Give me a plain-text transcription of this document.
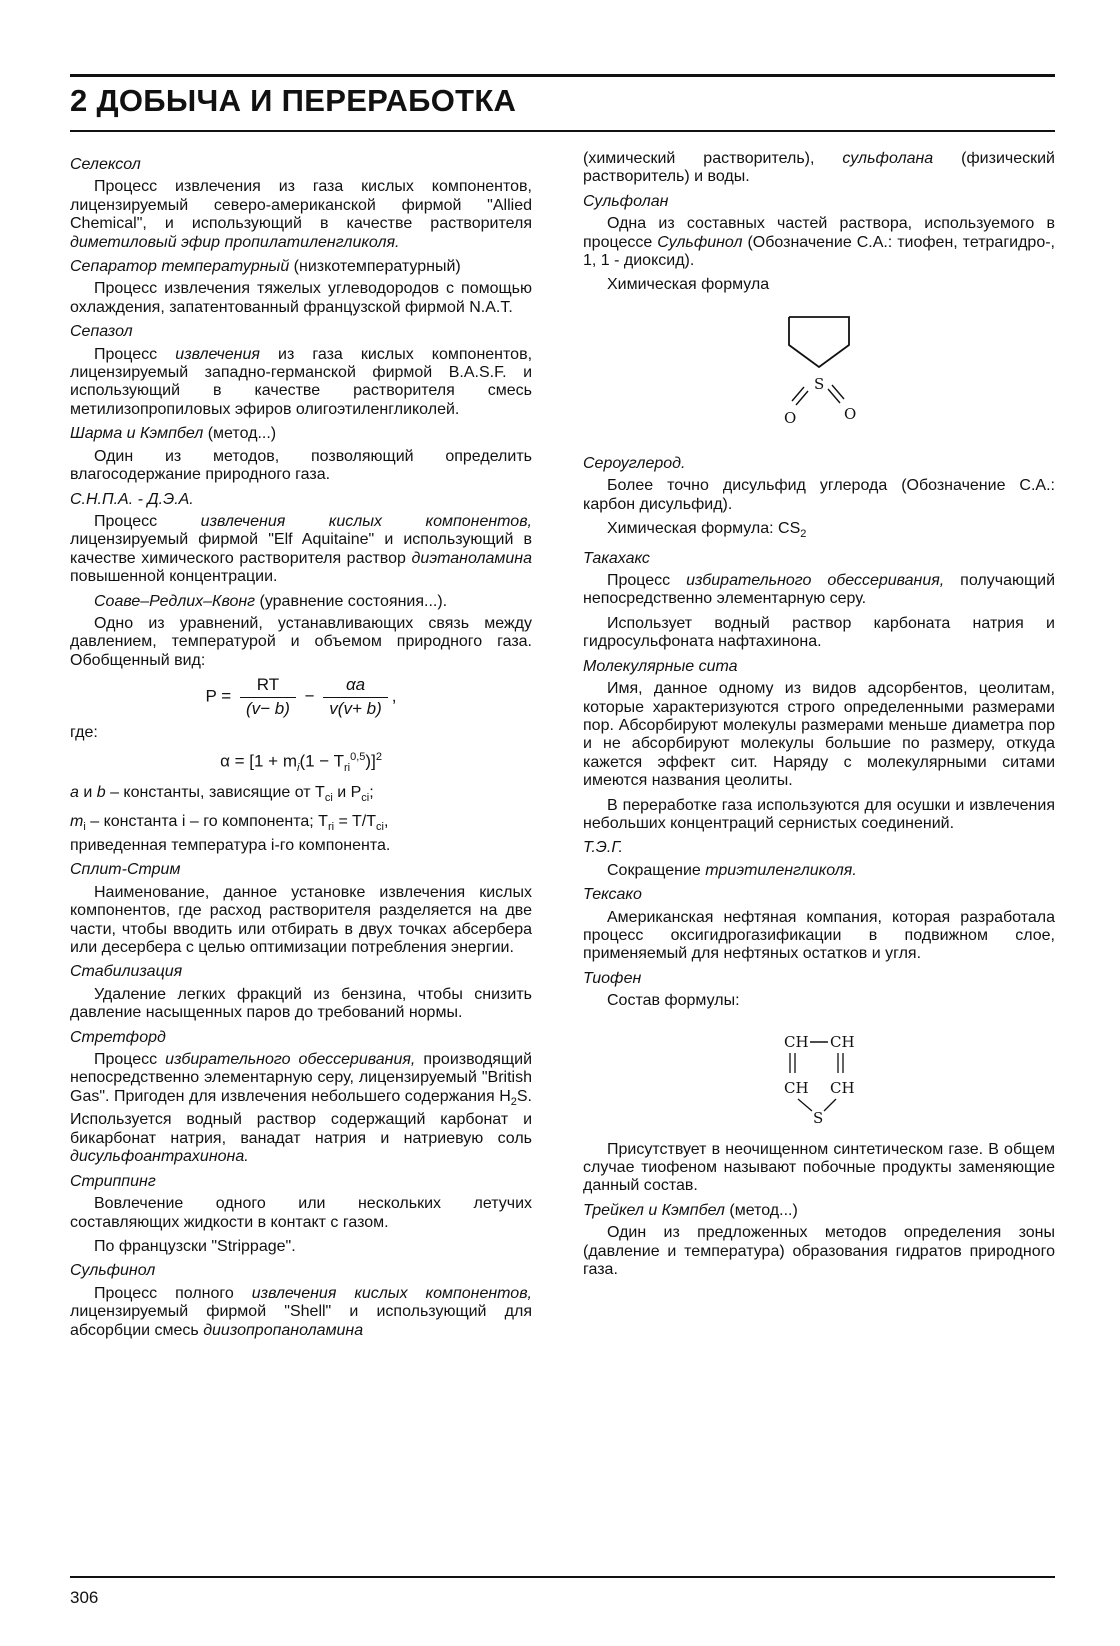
2 ДОБЫЧА И ПЕРЕРАБОТКА
Селексол

Процесс извлечения из газа кислых компонентов, лицензируемый северо-американской фирмой "Allied Chemical", и использующий в качестве растворителя диметиловый эфир пропилатиленгликоля.

Сепаратор температурный (низкотемпературный)

Процесс извлечения тяжелых углеводородов с помощью охлаждения, запатентованный французской фирмой N.A.T.

Сепазол

Процесс извлечения из газа кислых компонентов, лицензируемый западно-германской фирмой B.A.S.F. и использующий в качестве растворителя смесь метилизопропиловых эфиров олигоэтиленгликолей.

Шарма и Кэмпбел (метод...)

Один из методов, позволяющий определить влагосодержание природного газа.

С.Н.П.А. - Д.Э.А.

Процесс извлечения кислых компонентов, лицензируемый фирмой "Elf Aquitaine" и использующий в качестве химического растворителя раствор диэтаноламина повышенной концентрации.

Соаве–Редлих–Квонг (уравнение состояния...).

Одно из уравнений, устанавливающих связь между давлением, температурой и объемом природного газа. Обобщенный вид:

$P = \frac{RT}{(v- b)} - \frac{\alpha a}{v(v+ b)}$ ,

где:

$\alpha = [1 + m_i(1 - T_{ri}^{0,5})]^2$

a и b – константы, зависящие от $T_{ci}$ и $P_{ci}$;

$m_i$ – константа i – го компонента; $T_{ri} = T/T_{ci}$,

приведенная температура i-го компонента.

Сплит-Стрим

Наименование, данное установке извлечения кислых компонентов, где расход растворителя разделяется на две части, чтобы вводить или отбирать в двух точках абсербера или десербера с целью оптимизации потребления энергии.

Стабилизация

Удаление легких фракций из бензина, чтобы снизить давление насыщенных паров до требований нормы.

Стретфорд

Процесс избирательного обессеривания, производящий непосредственно элементарную серу, лицензируемый "British Gas". Пригоден для извлечения небольшего содержания $H_2S$. Используется водный раствор содержащий карбонат и бикарбонат натрия, ванадат натрия и натриевую соль дисульфоантрахинона.

Стриппинг

Вовлечение одного или нескольких летучих составляющих жидкости в контакт с газом.

По французски "Strippage".

Сульфинол

Процесс полного извлечения кислых компонентов, лицензируемый фирмой "Shell" и использующий для абсорбции смесь диизопропаноламина

(химический растворитель), сульфолана (физический растворитель) и воды.

Сульфолан

Одна из составных частей раствора, используемого в процессе Сульфинол (Обозначение С.А.: тиофен, тетрагидро-, 1, 1 - диоксид).

Химическая формула

S
O	O
Сероуглерод.

Более точно дисульфид углерода (Обозначение С.А.: карбон дисульфид).

Химическая формула: $CS_2$

Такахакс

Процесс избирательного обессеривания, получающий непосредственно элементарную серу.

Использует водный раствор карбоната натрия и гидросульфоната нафтахинона.

Молекулярные сита

Имя, данное одному из видов адсорбентов, цеолитам, которые характеризуются строго определенными размерами пор. Абсорбируют молекулы размерами меньше диаметра пор и не абсорбируют молекулы большие по размеру, откуда кажется эффект сит. Наряду с молекулярными ситами имеются названия цеолиты.

В переработке газа используются для осушки и извлечения небольших концентраций сернистых соединений.

Т.Э.Г.

Сокращение триэтиленгликоля.

Тексако

Американская нефтяная компания, которая разработала процесс оксигидрогазификации в подвижном слое, применяемый для нефтяных остатков и угля.

Тиофен

Состав формулы:

CH CH
CH CH
S

Присутствует в неочищенном синтетическом газе. В общем случае тиофеном называют побочные продукты заменяющие данный состав.

Трейкел и Кэмпбел (метод...)

Один из предложенных методов определения зоны (давление и температура) образования гидратов природного газа.

306
